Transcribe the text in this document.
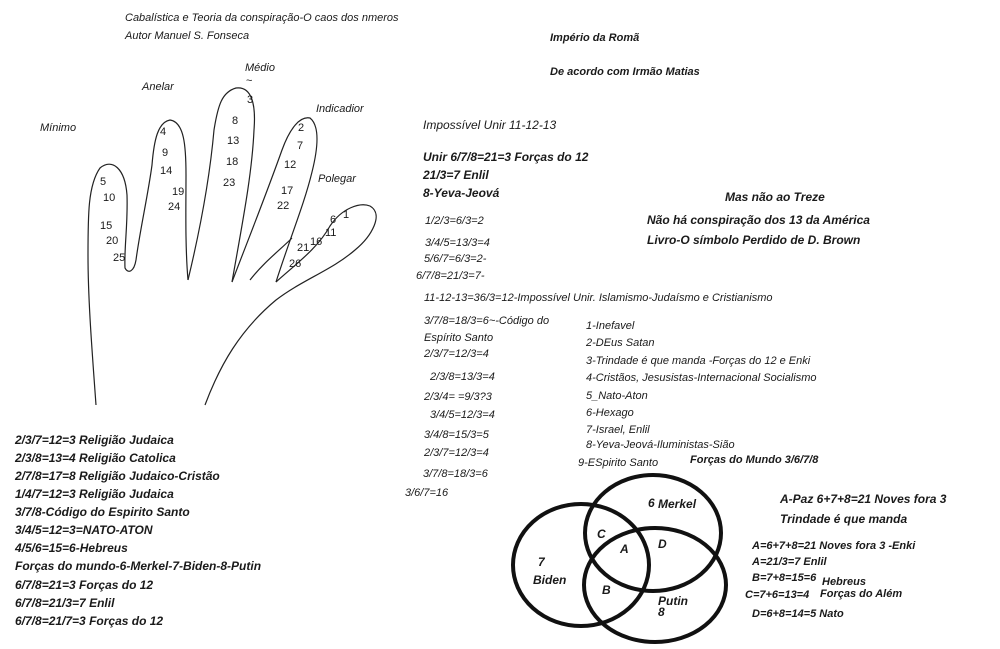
Cabalística e Teoria da conspiração-O caos dos nmeros
Autor Manuel S. Fonseca	Império da Romã
De acordo com Irmão Matias
Mínimo
Anelar
Médio
~
Indicadior
Polegar
5
10
15
20
25
4
9
14
19
24
3
8
13
18
23
2
7
12
17
22
1
6
11
16
21
26
Impossível Unir 11-12-13
Unir 6/7/8=21=3 Forças do 12
21/3=7 Enlil
8-Yeva-Jeová
1/2/3=6/3=2
3/4/5=13/3=4
5/6/7=6/3=2-
6/7/8=21/3=7-
11-12-13=36/3=12-Impossível Unir. Islamismo-Judaísmo e Cristianismo
3/7/8=18/3=6~-Código do
Espírito Santo
2/3/7=12/3=4
2/3/8=13/3=4
2/3/4= =9/3?3
3/4/5=12/3=4
3/4/8=15/3=5
2/3/7=12/3=4
3/7/8=18/3=6
3/6/7=16
Mas não ao Treze
Não há conspiração dos 13 da América
Livro-O símbolo Perdido de D. Brown
1-Inefavel
2-DEus Satan
3-Trindade é que manda -Forças do 12 e Enki
4-Cristãos, Jesusistas-Internacional Socialismo
5_Nato-Aton
6-Hexago
7-Israel, Enlil
8-Yeva-Jeová-Iluministas-Sião
9-ESpirito Santo
2/3/7=12=3 Religião Judaica
2/3/8=13=4 Religião Catolica
2/7/8=17=8 Religião Judaico-Cristão
1/4/7=12=3 Religião Judaica
3/7/8-Código do Espirito Santo
3/4/5=12=3=NATO-ATON
4/5/6=15=6-Hebreus
Forças do mundo-6-Merkel-7-Biden-8-Putin
6/7/8=21=3 Forças do 12
6/7/8=21/3=7 Enlil
6/7/8=21/7=3 Forças do 12
Forças do Mundo 3/6/7/8
6 Merkel
7
Biden
Putin
8
C
A D
B
A-Paz 6+7+8=21 Noves fora 3
Trindade é que manda
A=6+7+8=21 Noves fora 3 -Enki
A=21/3=7 Enlil
B=7+8=15=6 Hebreus
C=7+6=13=4 Forças do Além
D=6+8=14=5 Nato
